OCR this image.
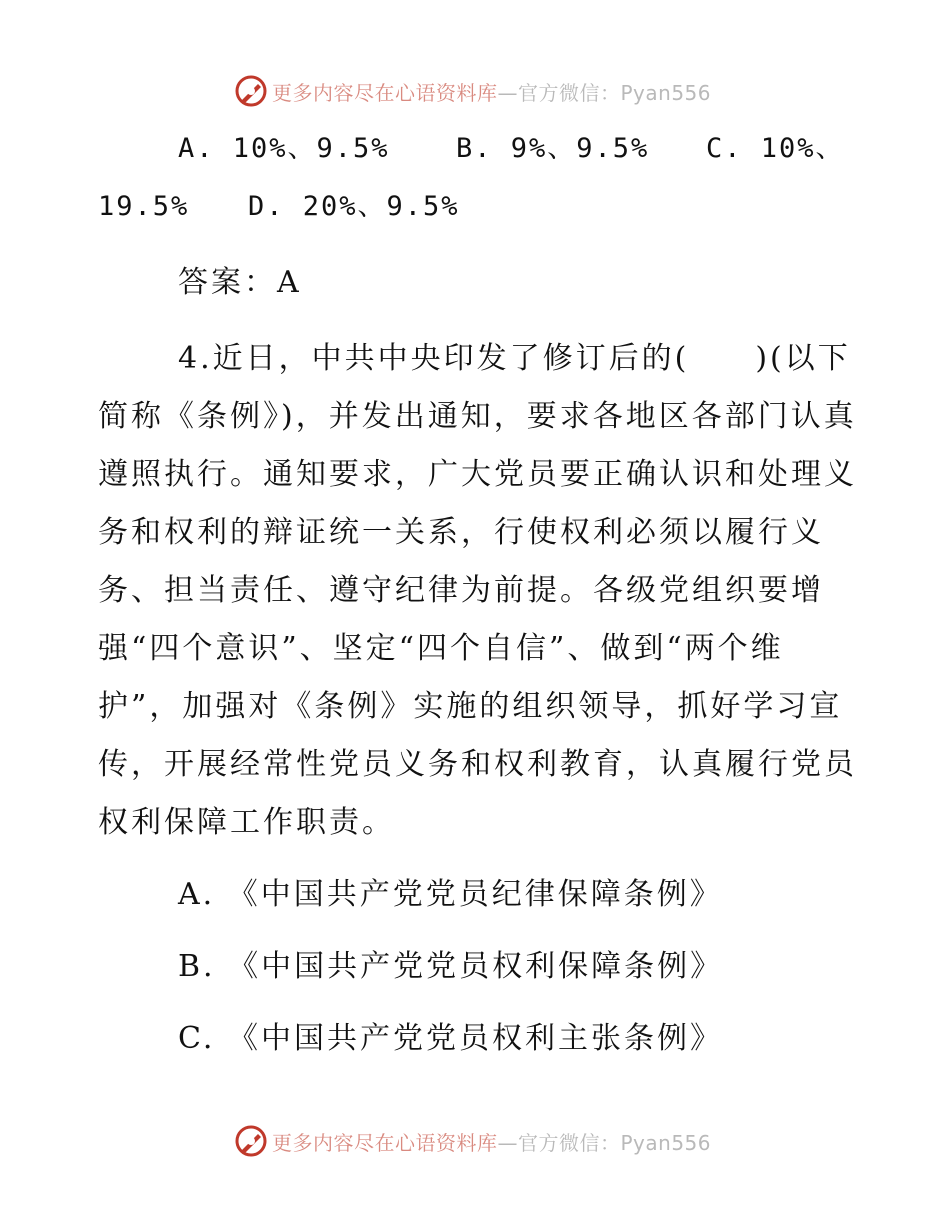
更多内容尽在心语资料库—官方微信：Pyan556
A. 10%、9.5%	B. 9%、9.5%	C. 10%、
19.5% D. 20%、9.5%
答案：A

4.近日，中共中央印发了修订后的(　　)(以下简称《条例》)，并发出通知，要求各地区各部门认真遵照执行。通知要求，广大党员要正确认识和处理义务和权利的辩证统一关系，行使权利必须以履行义务、担当责任、遵守纪律为前提。各级党组织要增强“四个意识”、坚定“四个自信”、做到“两个维护”，加强对《条例》实施的组织领导，抓好学习宣传，开展经常性党员义务和权利教育，认真履行党员权利保障工作职责。

A. 《中国共产党党员纪律保障条例》
B. 《中国共产党党员权利保障条例》
C. 《中国共产党党员权利主张条例》
更多内容尽在心语资料库—官方微信：Pyan556
